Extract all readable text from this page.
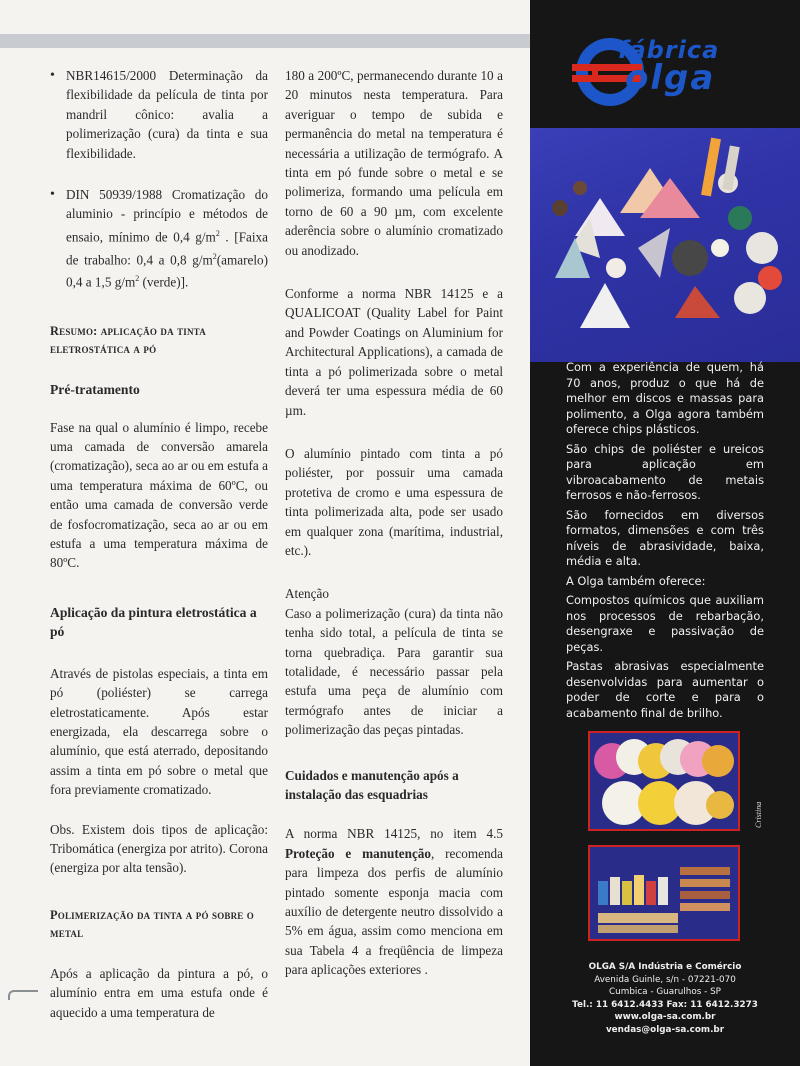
• NBR14615/2000 Determinação da flexibilidade da película de tinta por mandril cônico: avalia a polimerização (cura) da tinta e sua flexibilidade.

• DIN 50939/1988 Cromatização do aluminio - princípio e métodos de ensaio, mínimo de 0,4 $g/m^2$ . [Faixa de trabalho: 0,4 a 0,8 $g/m^2(amarelo)$ 0,4 a 1,5 $g/m^2$ (verde)].

Resumo: aplicação da tinta eletrostática a pó

Pré-tratamento

Fase na qual o alumínio é limpo, recebe uma camada de conversão amarela (cromatização), seca ao ar ou em estufa a uma temperatura máxima de 60ºC, ou então uma camada de conversão verde de fosfocromatização, seca ao ar ou em estufa a uma temperatura máxima de 80ºC.

Aplicação da pintura eletrostática a pó

Através de pistolas especiais, a tinta em pó (poliéster) se carrega eletrostaticamente. Após estar energizada, ela descarrega sobre o alumínio, que está aterrado, depositando assim a tinta em pó sobre o metal que fora previamente cromatizado.

Obs. Existem dois tipos de aplicação: Tribomática (energiza por atrito). Corona (energiza por alta tensão).

Polimerização da tinta a pó sobre o metal

Após a aplicação da pintura a pó, o alumínio entra em uma estufa onde é aquecido a uma temperatura de

180 a 200ºC, permanecendo durante 10 a 20 minutos nesta temperatura. Para averiguar o tempo de subida e permanência do metal na temperatura é necessária a utilização de termógrafo. A tinta em pó funde sobre o metal e se polimeriza, formando uma película em torno de 60 a 90 µm, com excelente aderência sobre o alumínio cromatizado ou anodizado.

Conforme a norma NBR 14125 e a QUALICOAT (Quality Label for Paint and Powder Coatings on Aluminium for Architectural Applications), a camada de tinta a pó polimerizada sobre o metal deverá ter uma espessura média de 60 µm.

O alumínio pintado com tinta a pó poliéster, por possuir uma camada protetiva de cromo e uma espessura de tinta polimerizada alta, pode ser usado em qualquer zona (marítima, industrial, etc.).

Atenção

Caso a polimerização (cura) da tinta não tenha sido total, a película de tinta se torna quebradiça. Para garantir sua totalidade, é necessário passar pela estufa uma peça de alumínio com termógrafo antes de iniciar a polimerização das peças pintadas.

Cuidados e manutenção após a instalação das esquadrias

A norma NBR 14125, no item 4.5 Proteção e manutenção, recomenda para limpeza dos perfis de alumínio pintado somente esponja macia com auxílio de detergente neutro dissolvido a 5% em água, assim como menciona em sua Tabela 4 a freqüência de limpeza para aplicações exteriores .

fábrica
olga

Com a experiência de quem, há 70 anos, produz o que há de melhor em discos e massas para polimento, a Olga agora também oferece chips plásticos.

São chips de poliéster e ureicos para aplicação em vibroacabamento de metais ferrosos e não-ferrosos.

São fornecidos em diversos formatos, dimensões e com três níveis de abrasividade, baixa, média e alta.

A Olga também oferece:

Compostos químicos que auxiliam nos processos de rebarbação, desengraxe e passivação de peças.

Pastas abrasivas especialmente desenvolvidas para aumentar o poder de corte e para o acabamento final de brilho.

Cristina
OLGA S/A Indústria e Comércio
Avenida Guinle, s/n - 07221-070
Cumbica - Guarulhos - SP
Tel.: 11 6412.4433 Fax: 11 6412.3273
www.olga-sa.com.br
vendas@olga-sa.com.br
